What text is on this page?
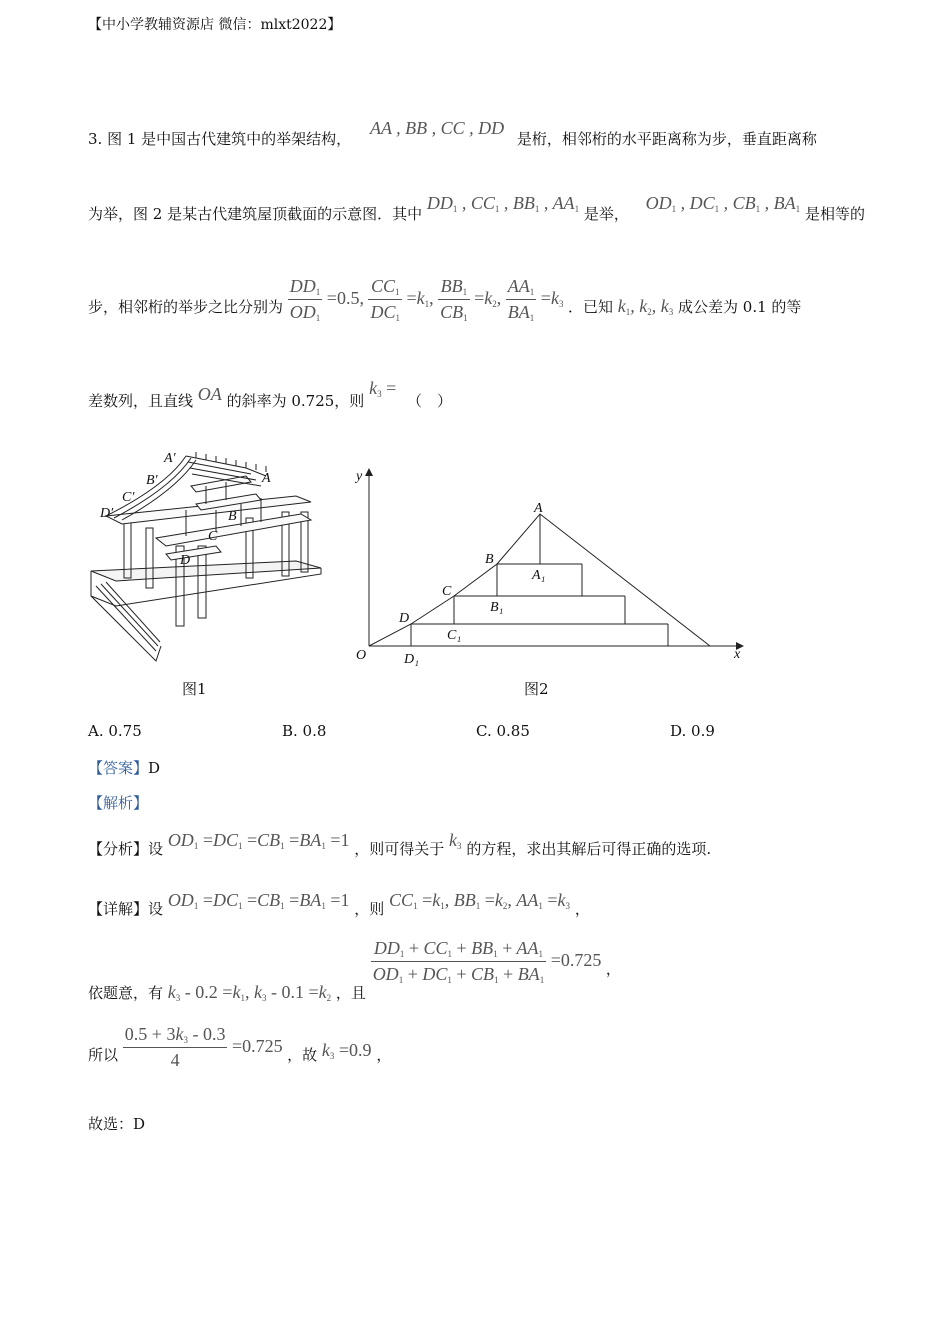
【中小学教辅资源店 微信：mlxt2022】
3. 图 1 是中国古代建筑中的举架结构， AA , BB , CC , DD 是桁，相邻桁的水平距离称为步，垂直距离称
为举，图 2 是某古代建筑屋顶截面的示意图．其中 $DD_1$ , $CC_1$ , $BB_1$ , $AA_1$ 是举， $OD_1$ , $DC_1$ , $CB_1$ , $BA_1$ 是相等的
步，相邻桁的举步之比分别为 $\frac{DD_1}{OD_1} =0.5$, $\frac{CC_1}{DC_1} =k_1$, $\frac{BB_1}{CB_1} =k_2$, $\frac{AA_1}{BA_1} =k_3$ ．已知 $k_1$, $k_2$, $k_3$ 成公差为 0.1 的等
差数列，且直线 OA 的斜率为 0.725，则 $k_3$ = （　）
A′
B′
C′
D′
A
B
C
D
图1
y
x
O
A
B
C
D
A₁
B₁
C₁
D₁
图2
A. 0.75	B. 0.8	C. 0.85	D. 0.9
【答案】D
【解析】
【分析】设 $OD_1 =DC_1 =CB_1 =BA_1 =1$ ，则可得关于 $k_3$ 的方程，求出其解后可得正确的选项.
【详解】设 $OD_1 =DC_1 =CB_1 =BA_1 =1$ ，则 $CC_1 =k_1$, $BB_1 =k_2$, $AA_1 =k_3$ ，
依题意，有 $k_3 - 0.2 =k_1$, $k_3 - 0.1 =k_2$ ，且
$\frac{DD_1 + CC_1 + BB_1 + AA_1}{OD_1 + DC_1 + CB_1 + BA_1} =0.725$ ，
所以 $\frac{0.5 + 3k_3 - 0.3}{4} =0.725$ ，故 $k_3 =0.9$ ，
故选：D
